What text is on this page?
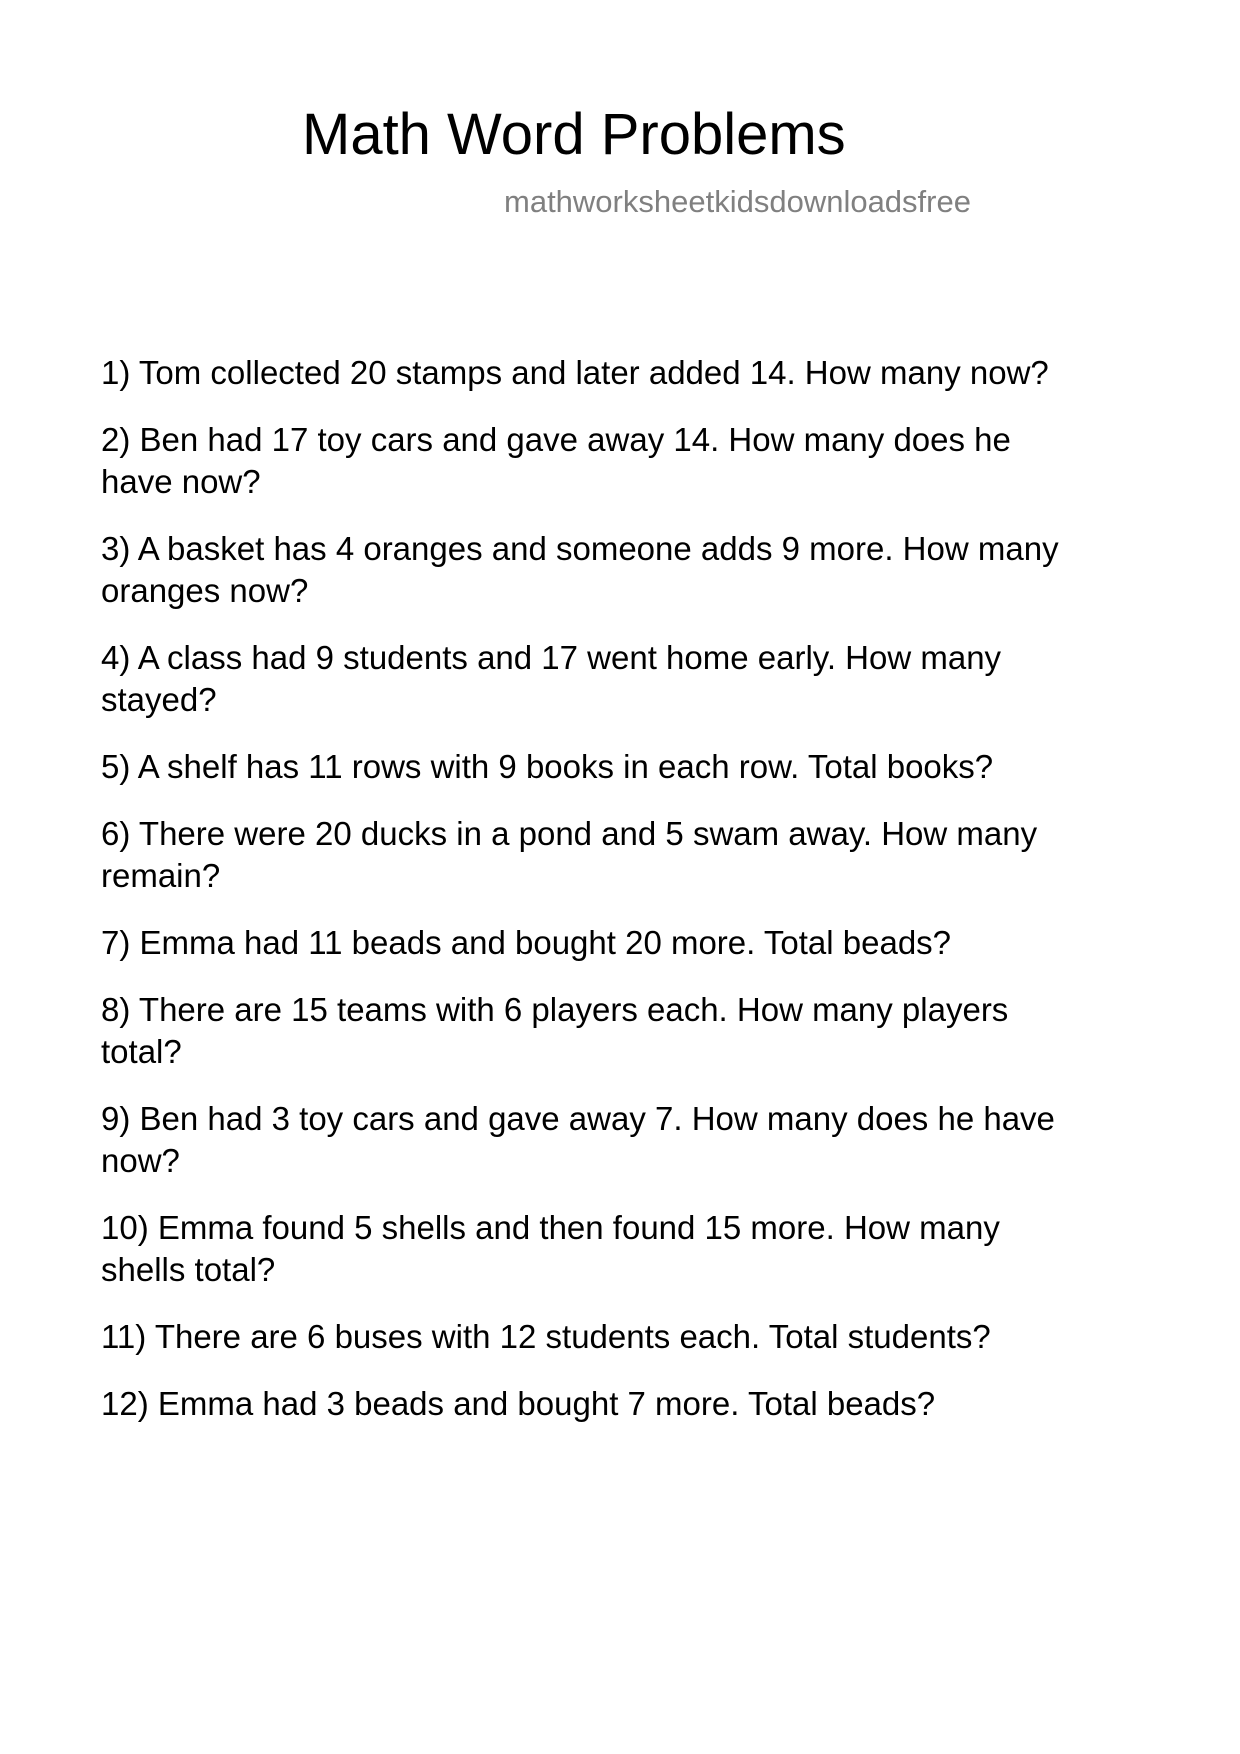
Math Word Problems
mathworksheetkidsdownloadsfree
1) Tom collected 20 stamps and later added 14. How many now?
2) Ben had 17 toy cars and gave away 14. How many does he
have now?
3) A basket has 4 oranges and someone adds 9 more. How many
oranges now?
4) A class had 9 students and 17 went home early. How many
stayed?
5) A shelf has 11 rows with 9 books in each row. Total books?
6) There were 20 ducks in a pond and 5 swam away. How many
remain?
7) Emma had 11 beads and bought 20 more. Total beads?
8) There are 15 teams with 6 players each. How many players
total?
9) Ben had 3 toy cars and gave away 7. How many does he have
now?
10) Emma found 5 shells and then found 15 more. How many
shells total?
11) There are 6 buses with 12 students each. Total students?
12) Emma had 3 beads and bought 7 more. Total beads?
